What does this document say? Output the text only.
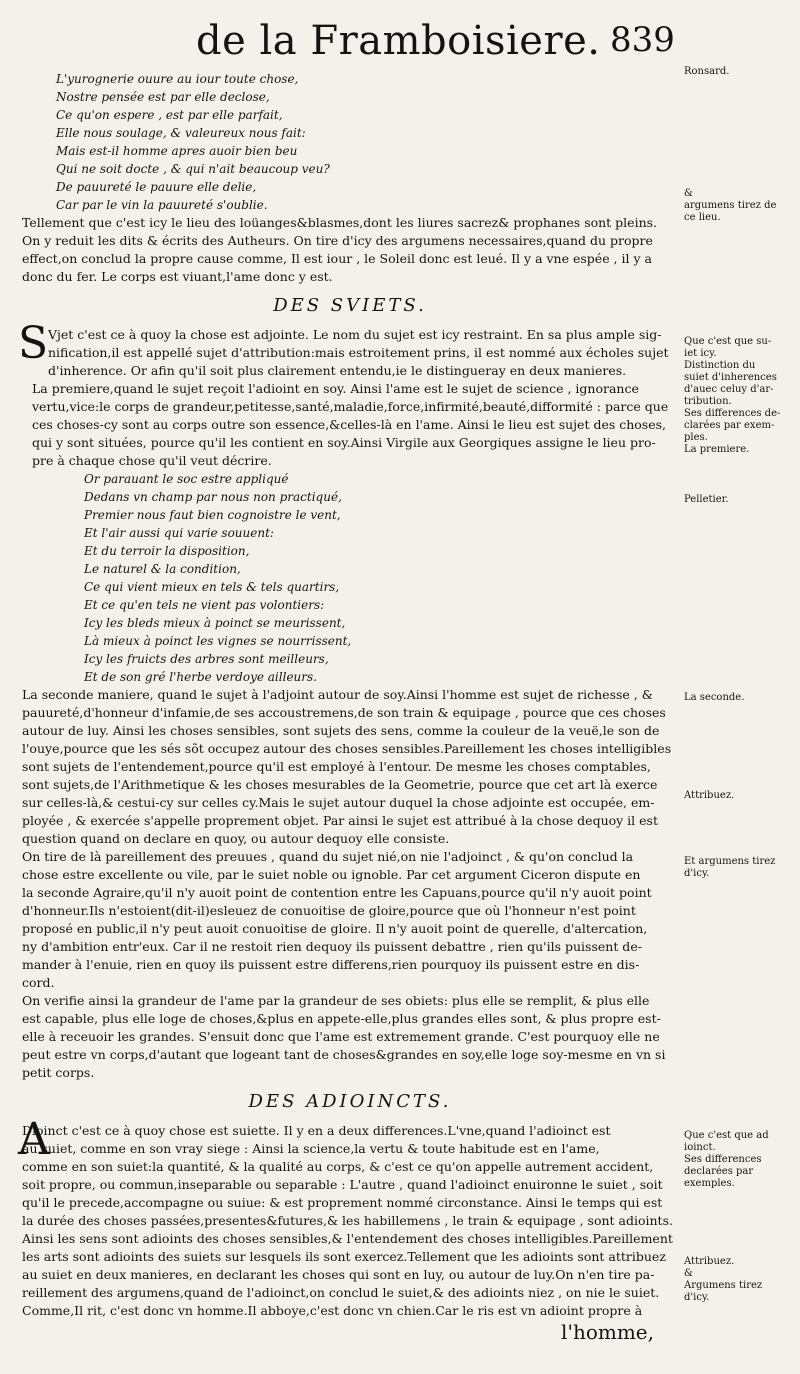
de la Framboisiere. 839
L'yurognerie ouure au iour toute chose,
Nostre pensée est par elle declose,
Ce qu'on espere , est par elle parfait,
Elle nous soulage, & valeureux nous fait:
Mais est-il homme apres auoir bien beu
Qui ne soit docte , & qui n'ait beaucoup veu?
De pauureté le pauure elle delie,
Car par le vin la pauureté s'oublie.
Tellement que c'est icy le lieu des loüanges&blasmes,dont les liures sacrez& prophanes sont pleins.
On y reduit les dits & écrits des Autheurs. On tire d'icy des argumens necessaires,quand du propre
effect,on conclud la propre cause comme, Il est iour , le Soleil donc est leué. Il y a vne espée , il y a
donc du fer. Le corps est viuant,l'ame donc y est.
DES SVIETS.
S Vjet c'est ce à quoy la chose est adjointe. Le nom du sujet est icy restraint. En sa plus ample sig-
nification,il est appellé sujet d'attribution:mais estroitement prins, il est nommé aux écholes sujet
d'inherence. Or afin qu'il soit plus clairement entendu,ie le distingueray en deux manieres.
La premiere,quand le sujet reçoit l'adioint en soy. Ainsi l'ame est le sujet de science , ignorance
vertu,vice:le corps de grandeur,petitesse,santé,maladie,force,infirmité,beauté,difformité : parce que
ces choses-cy sont au corps outre son essence,&celles-là en l'ame. Ainsi le lieu est sujet des choses,
qui y sont situées, pource qu'il les contient en soy.Ainsi Virgile aux Georgiques assigne le lieu pro-
pre à chaque chose qu'il veut décrire.
Or parauant le soc estre appliqué
Dedans vn champ par nous non practiqué,
Premier nous faut bien cognoistre le vent,
Et l'air aussi qui varie souuent:
Et du terroir la disposition,
Le naturel & la condition,
Ce qui vient mieux en tels & tels quartirs,
Et ce qu'en tels ne vient pas volontiers:
Icy les bleds mieux à poinct se meurissent,
Là mieux à poinct les vignes se nourrissent,
Icy les fruicts des arbres sont meilleurs,
Et de son gré l'herbe verdoye ailleurs.
La seconde maniere, quand le sujet à l'adjoint autour de soy.Ainsi l'homme est sujet de richesse , &
pauureté,d'honneur d'infamie,de ses accoustremens,de son train & equipage , pource que ces choses
autour de luy. Ainsi les choses sensibles, sont sujets des sens, comme la couleur de la veuë,le son de
l'ouye,pource que les sés sõt occupez autour des choses sensibles.Pareillement les choses intelligibles
sont sujets de l'entendement,pource qu'il est employé à l'entour. De mesme les choses comptables,
sont sujets,de l'Arithmetique & les choses mesurables de la Geometrie, pource que cet art là exerce
sur celles-là,& cestui-cy sur celles cy.Mais le sujet autour duquel la chose adjointe est occupée, em-
ployée , & exercée s'appelle proprement objet. Par ainsi le sujet est attribué à la chose dequoy il est
question quand on declare en quoy, ou autour dequoy elle consiste.
On tire de là pareillement des preuues , quand du sujet nié,on nie l'adjoinct , & qu'on conclud la
chose estre excellente ou vile, par le suiet noble ou ignoble. Par cet argument Ciceron dispute en
la seconde Agraire,qu'il n'y auoit point de contention entre les Capuans,pource qu'il n'y auoit point
d'honneur.Ils n'estoient(dit-il)esleuez de conuoitise de gloire,pource que où l'honneur n'est point
proposé en public,il n'y peut auoit conuoitise de gloire. Il n'y auoit point de querelle, d'altercation,
ny d'ambition entr'eux. Car il ne restoit rien dequoy ils puissent debattre , rien qu'ils puissent de-
mander à l'enuie, rien en quoy ils puissent estre differens,rien pourquoy ils puissent estre en dis-
cord.
On verifie ainsi la grandeur de l'ame par la grandeur de ses obiets: plus elle se remplit, & plus elle
est capable, plus elle loge de choses,&plus en appete-elle,plus grandes elles sont, & plus propre est-
elle à receuoir les grandes. S'ensuit donc que l'ame est extremement grande. C'est pourquoy elle ne
peut estre vn corps,d'autant que logeant tant de choses&grandes en soy,elle loge soy-mesme en vn si
petit corps.
DES ADIOINCTS.
A
Dioinct c'est ce à quoy chose est suiette. Il y en a deux differences.L'vne,quand l'adioinct est
au suiet, comme en son vray siege : Ainsi la science,la vertu & toute habitude est en l'ame,
comme en son suiet:la quantité, & la qualité au corps, & c'est ce qu'on appelle autrement accident,
soit propre, ou commun,inseparable ou separable : L'autre , quand l'adioinct enuironne le suiet , soit
qu'il le precede,accompagne ou suiue: & est proprement nommé circonstance. Ainsi le temps qui est
la durée des choses passées,presentes&futures,& les habillemens , le train & equipage , sont adioints.
Ainsi les sens sont adioints des choses sensibles,& l'entendement des choses intelligibles.Pareillement
les arts sont adioints des suiets sur lesquels ils sont exercez.Tellement que les adioints sont attribuez
au suiet en deux manieres, en declarant les choses qui sont en luy, ou autour de luy.On n'en tire pa-
reillement des argumens,quand de l'adioinct,on conclud le suiet,& des adioints niez , on nie le suiet.
Comme,Il rit, c'est donc vn homme.Il abboye,c'est donc vn chien.Car le ris est vn adioint propre à
l'homme,
Ronsard.
&
argumens tirez de
ce lieu.
Que c'est que su-
iet icy.
Distinction du
suiet d'inherences
d'auec celuy d'ar-
tribution.
Ses differences de-
clarées par exem-
ples.
La premiere.
Pelletier.
La seconde.
Attribuez.
Et argumens tirez
d'icy.
Que c'est que ad
ioinct.
Ses differences
declarées par
exemples.
Attribuez.
&
Argumens tirez
d'icy.
